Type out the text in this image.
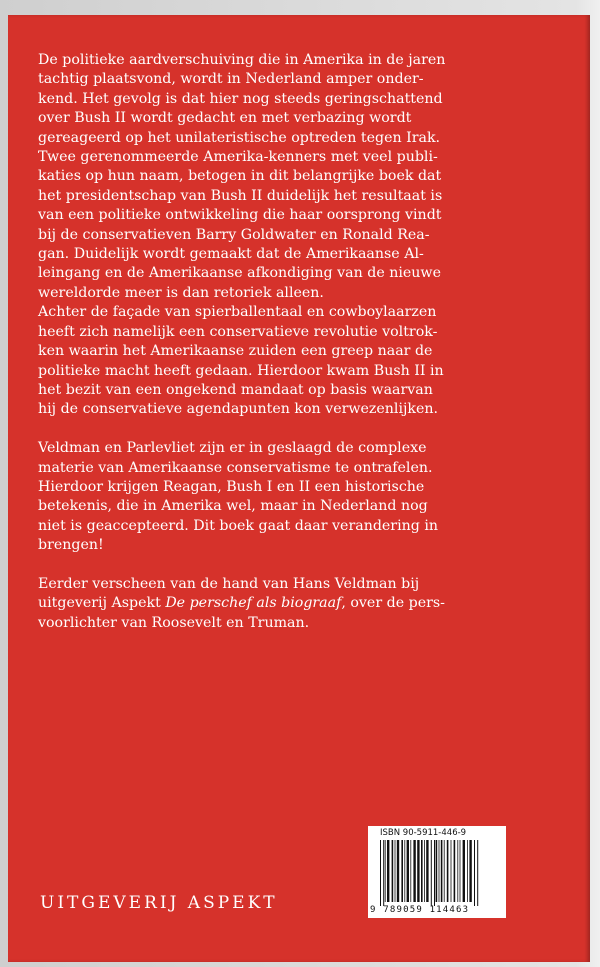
De politieke aardverschuiving die in Amerika in de jaren
tachtig plaatsvond, wordt in Nederland amper onder-
kend. Het gevolg is dat hier nog steeds geringschattend
over Bush II wordt gedacht en met verbazing wordt
gereageerd op het unilateristische optreden tegen Irak.
Twee gerenommeerde Amerika-kenners met veel publi-
katies op hun naam, betogen in dit belangrijke boek dat
het presidentschap van Bush II duidelijk het resultaat is
van een politieke ontwikkeling die haar oorsprong vindt
bij de conservatieven Barry Goldwater en Ronald Rea-
gan. Duidelijk wordt gemaakt dat de Amerikaanse Al-
leingang en de Amerikaanse afkondiging van de nieuwe
wereldorde meer is dan retoriek alleen.
Achter de façade van spierballentaal en cowboylaarzen
heeft zich namelijk een conservatieve revolutie voltrok-
ken waarin het Amerikaanse zuiden een greep naar de
politieke macht heeft gedaan. Hierdoor kwam Bush II in
het bezit van een ongekend mandaat op basis waarvan
hij de conservatieve agendapunten kon verwezenlijken.

Veldman en Parlevliet zijn er in geslaagd de complexe
materie van Amerikaanse conservatisme te ontrafelen.
Hierdoor krijgen Reagan, Bush I en II een historische
betekenis, die in Amerika wel, maar in Nederland nog
niet is geaccepteerd. Dit boek gaat daar verandering in
brengen!

Eerder verscheen van de hand van Hans Veldman bij
uitgeverij Aspekt De perschef als biograaf, over de pers-
voorlichter van Roosevelt en Truman.

UITGEVERIJ ASPEKT
ISBN 90-5911-446-9
9 789059 114463
